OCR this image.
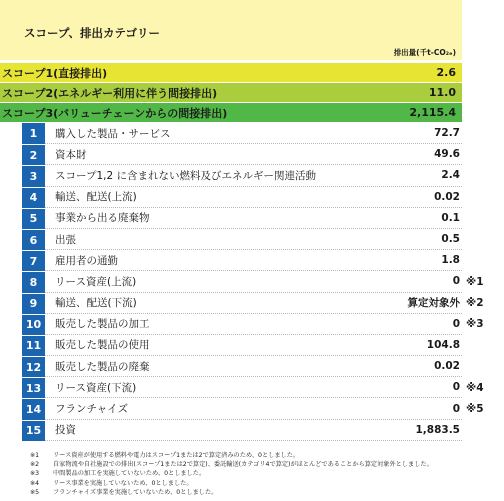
スコープ、排出カテゴリー
排出量(千t-CO₂ₑ)
スコープ1(直接排出)	2.6
スコープ2(エネルギー利用に伴う間接排出)	11.0
スコープ3(バリューチェーンからの間接排出)	2,115.4
1	購入した製品・サービス	72.7
2	資本財	49.6
3	スコープ1,2 に含まれない燃料及びエネルギー関連活動	2.4
4	輸送、配送(上流)	0.02
5	事業から出る廃棄物	0.1
6	出張	0.5
7	雇用者の通勤	1.8
8	リース資産(上流)	0 ※1
9	輸送、配送(下流)	算定対象外 ※2
10	販売した製品の加工	0 ※3
11	販売した製品の使用	104.8
12	販売した製品の廃棄	0.02
13	リース資産(下流)	0 ※4
14	フランチャイズ	0 ※5
15	投資	1,883.5
※1	リース資産が使用する燃料や電力はスコープ1または2で算定済みのため、0としました。
※2	自家物流や自社施設での排出(スコープ1または2で算定)、委託輸送(カテゴリ4で算定)がほとんどであることから算定対象外としました。
※3	中間製品の加工を実施していないため、0としました。
※4	リース事業を実施していないため、0としました。
※5	フランチャイズ事業を実施していないため、0としました。
